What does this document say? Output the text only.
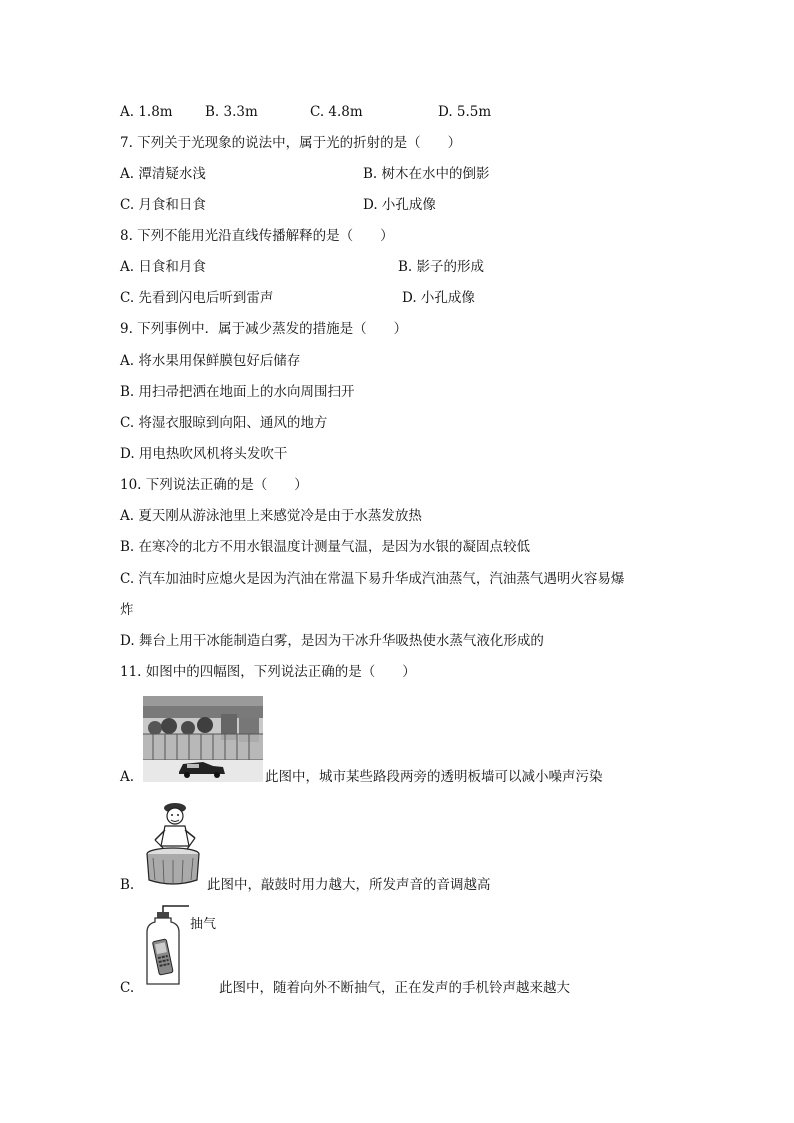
A. 1.8m B. 3.3m	C. 4.8m	D. 5.5m
7. 下列关于光现象的说法中，属于光的折射的是（　　）
A. 潭清疑水浅	B. 树木在水中的倒影
C. 月食和日食	D. 小孔成像
8. 下列不能用光沿直线传播解释的是（　　）
A. 日食和月食	B. 影子的形成
C. 先看到闪电后听到雷声	D. 小孔成像
9. 下列事例中．属于减少蒸发的措施是（　　）
A. 将水果用保鲜膜包好后储存
B. 用扫帚把洒在地面上的水向周围扫开
C. 将湿衣服晾到向阳、通风的地方
D. 用电热吹风机将头发吹干
10. 下列说法正确的是（　　）
A. 夏天刚从游泳池里上来感觉冷是由于水蒸发放热
B. 在寒冷的北方不用水银温度计测量气温，是因为水银的凝固点较低
C. 汽车加油时应熄火是因为汽油在常温下易升华成汽油蒸气，汽油蒸气遇明火容易爆
炸
D. 舞台上用干冰能制造白雾，是因为干冰升华吸热使水蒸气液化形成的
11. 如图中的四幅图，下列说法正确的是（　　）
A.	此图中，城市某些路段两旁的透明板墙可以减小噪声污染
B.	此图中，敲鼓时用力越大，所发声音的音调越高
抽气
C.	此图中，随着向外不断抽气，正在发声的手机铃声越来越大
